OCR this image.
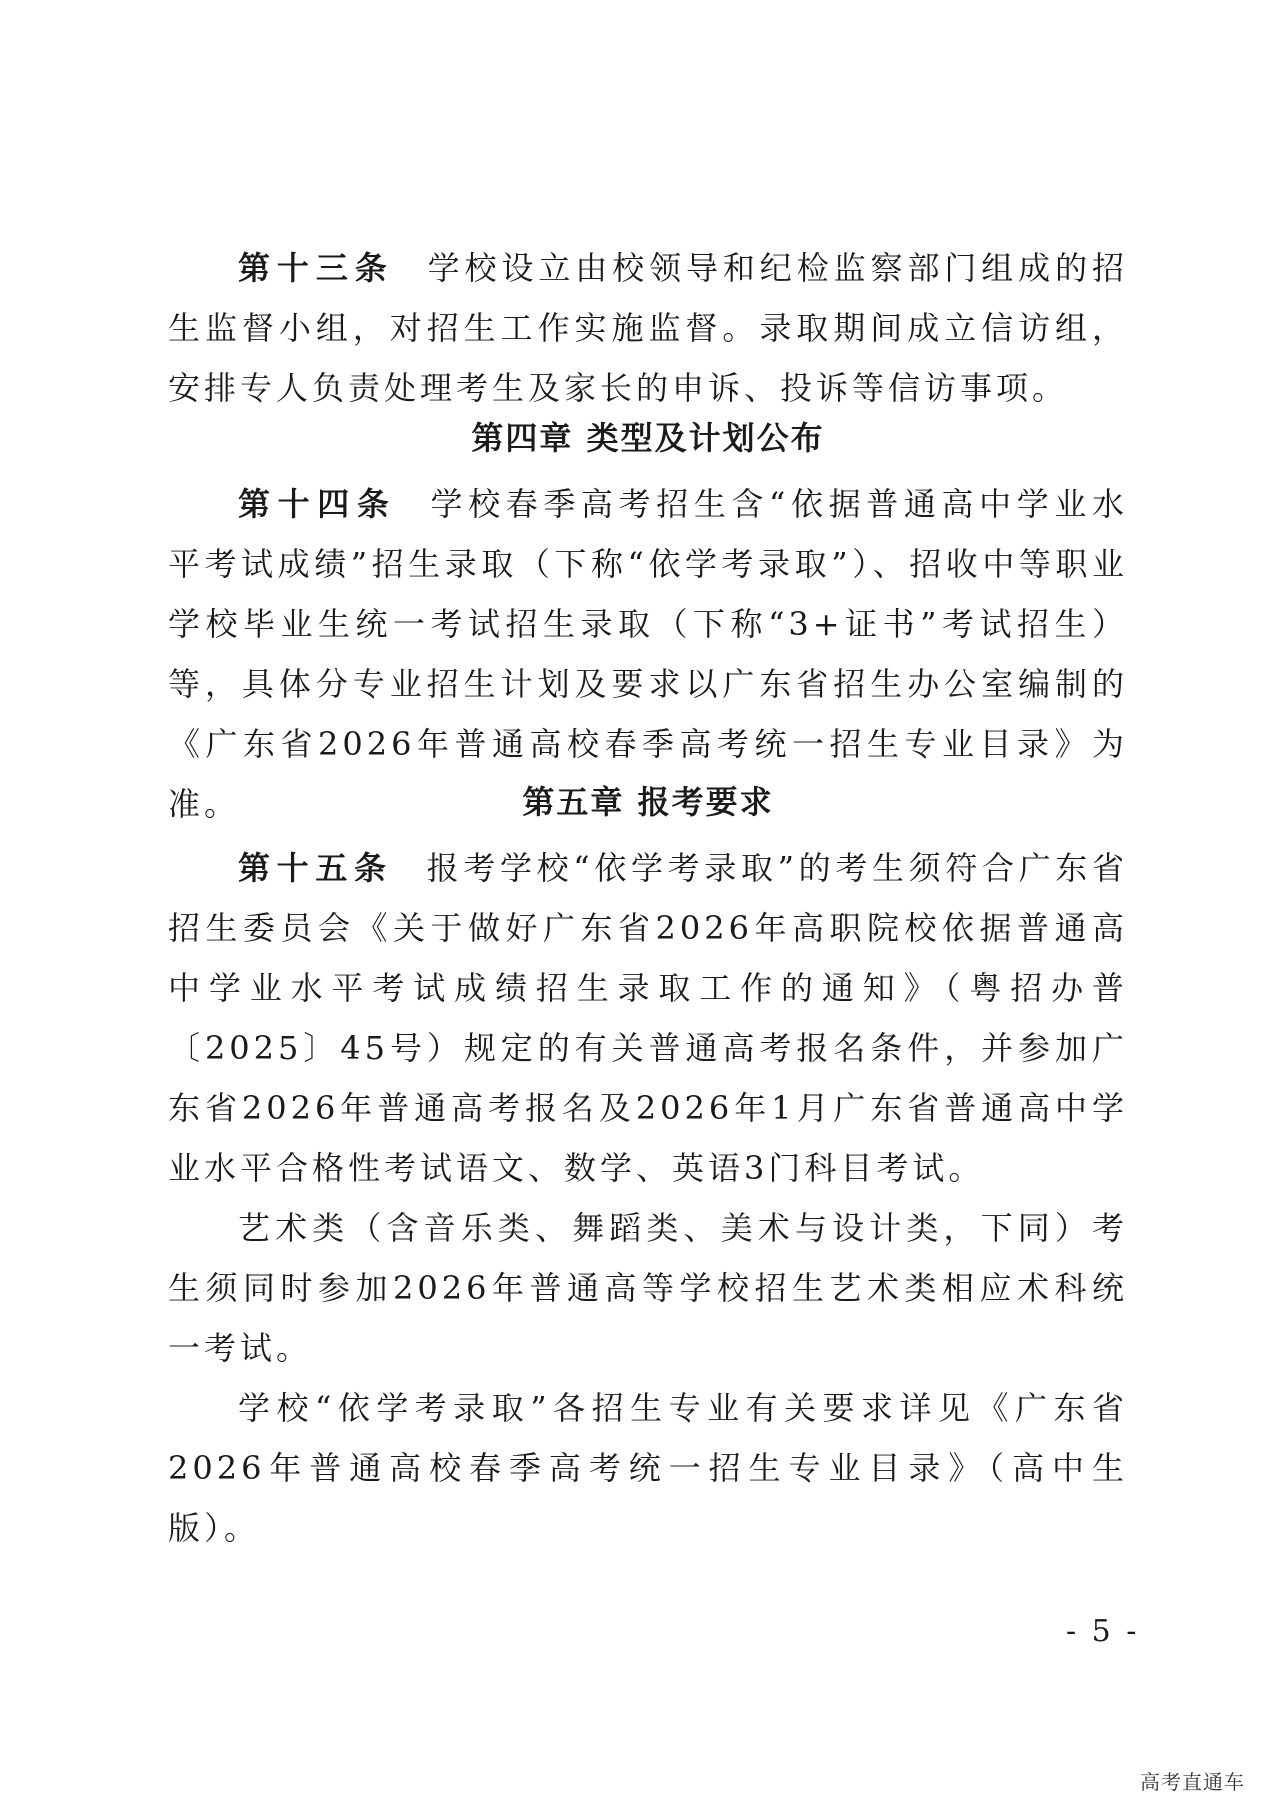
第十三条 学校设立由校领导和纪检监察部门组成的招生监督小组，对招生工作实施监督。录取期间成立信访组，安排专人负责处理考生及家长的申诉、投诉等信访事项。

第四章 类型及计划公布

第十四条 学校春季高考招生含“依据普通高中学业水平考试成绩”招生录取（下称“依学考录取”）、招收中等职业学校毕业生统一考试招生录取（下称“3+证书”考试招生）等，具体分专业招生计划及要求以广东省招生办公室编制的《广东省2026年普通高校春季高考统一招生专业目录》为准。	第五章 报考要求

第十五条 报考学校“依学考录取”的考生须符合广东省招生委员会《关于做好广东省2026年高职院校依据普通高中学业水平考试成绩招生录取工作的通知》（粤招办普〔2025〕45号）规定的有关普通高考报名条件，并参加广东省2026年普通高考报名及2026年1月广东省普通高中学业水平合格性考试语文、数学、英语3门科目考试。

艺术类（含音乐类、舞蹈类、美术与设计类，下同）考生须同时参加2026年普通高等学校招生艺术类相应术科统一考试。

学校“依学考录取”各招生专业有关要求详见《广东省2026年普通高校春季高考统一招生专业目录》（高中生版）。

- 5 -
高考直通车
